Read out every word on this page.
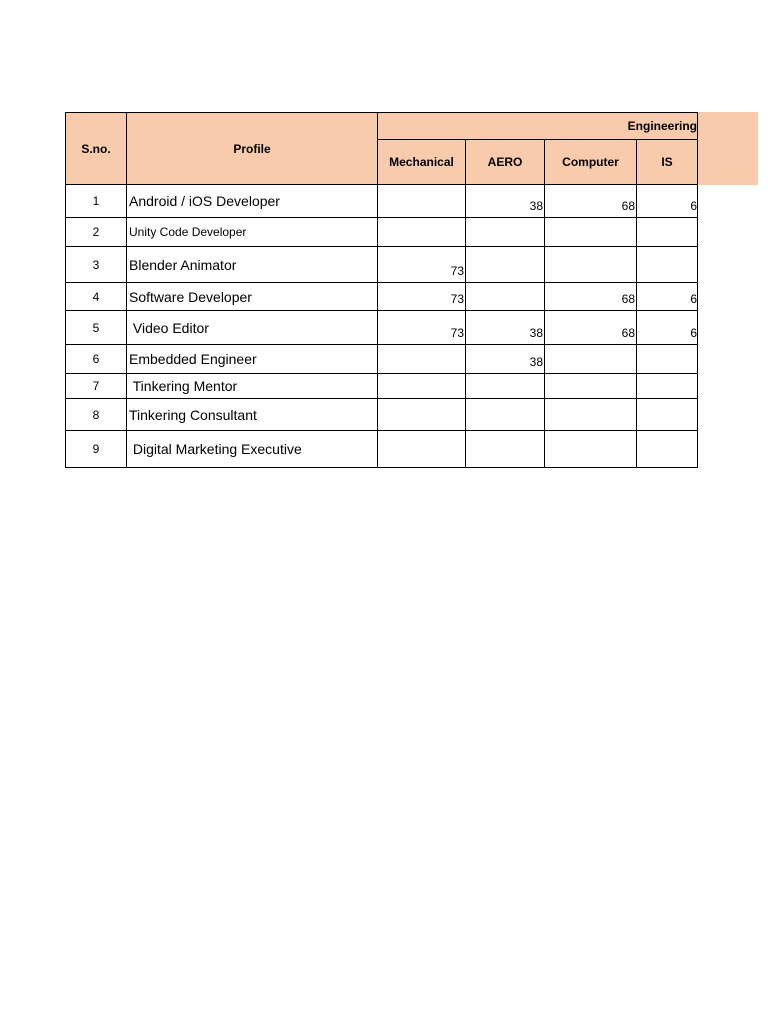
S.no.	Profile	Engineering			
		Mechanical	AERO	Computer	IS
1	Android / iOS Developer		38	68	6
2	Unity Code Developer				
3	Blender Animator	73			
4	Software Developer	73		68	6
5	Video Editor	73	38	68	6
6	Embedded Engineer		38		
7	Tinkering Mentor				
8	Tinkering Consultant				
9	Digital Marketing Executive				
